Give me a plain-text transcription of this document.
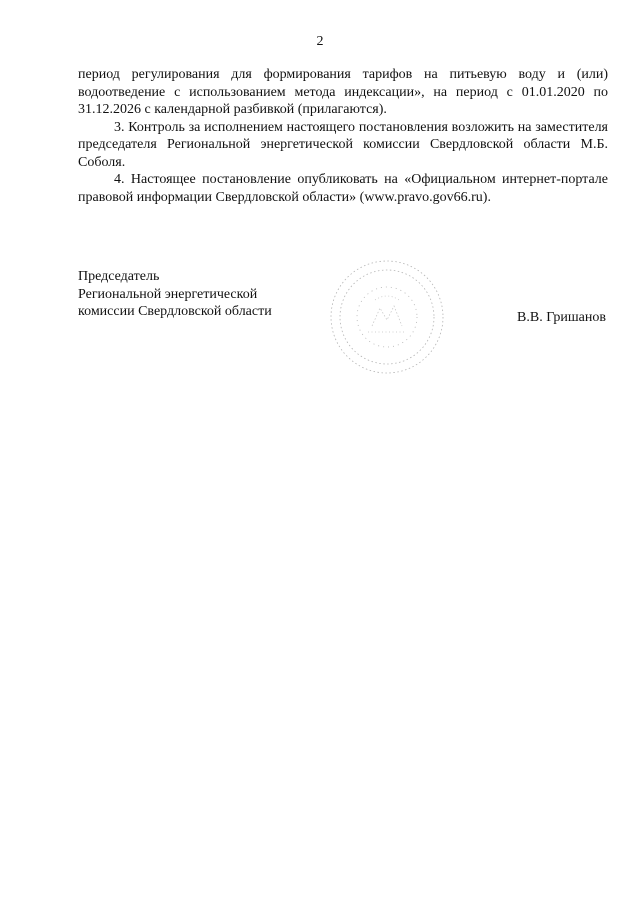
2

период регулирования для формирования тарифов на питьевую воду и (или) водоотведение с использованием метода индексации», на период с 01.01.2020 по 31.12.2026 с календарной разбивкой (прилагаются).

3. Контроль за исполнением настоящего постановления возложить на заместителя председателя Региональной энергетической комиссии Свердловской области М.Б. Соболя.

4. Настоящее постановление опубликовать на «Официальном интернет-портале правовой информации Свердловской области» (www.pravo.gov66.ru).

Председатель
Региональной энергетической
комиссии Свердловской области	В.В. Гришанов
